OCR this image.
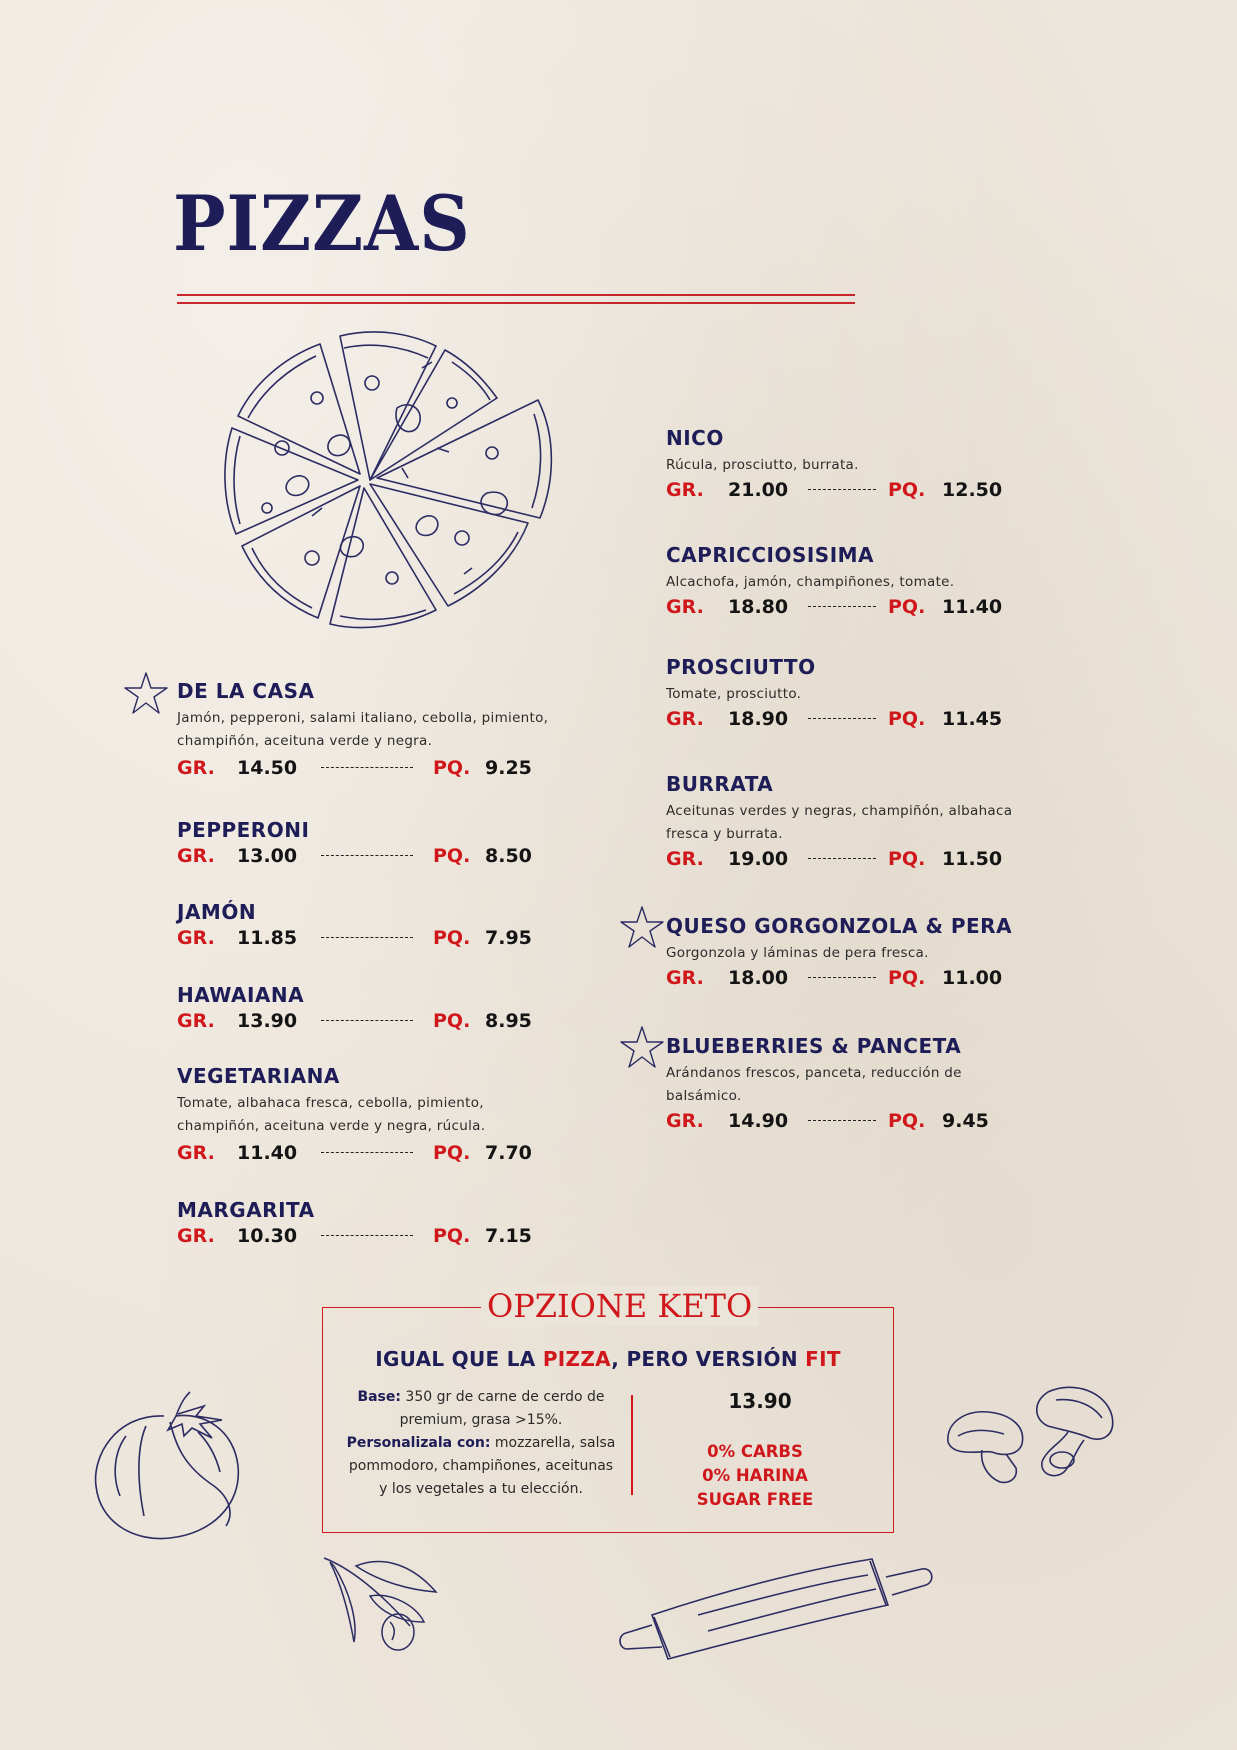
PIZZAS
DE LA CASA
Jamón, pepperoni, salami italiano, cebolla, pimiento, champiñón, aceituna verde y negra.
GR.	14.50	PQ. 9.25
PEPPERONI
GR.	13.00	PQ. 8.50
JAMÓN
GR.	11.85	PQ. 7.95
HAWAIANA
GR.	13.90	PQ. 8.95
VEGETARIANA
Tomate, albahaca fresca, cebolla, pimiento, champiñón, aceituna verde y negra, rúcula.
GR.	11.40	PQ. 7.70
MARGARITA
GR.	10.30	PQ. 7.15
NICO
Rúcula, prosciutto, burrata.
GR.	21.00	PQ. 12.50
CAPRICCIOSISIMA
Alcachofa, jamón, champiñones, tomate.
GR.	18.80	PQ. 11.40
PROSCIUTTO
Tomate, prosciutto.
GR.	18.90	PQ. 11.45
BURRATA
Aceitunas verdes y negras, champiñón, albahaca fresca y burrata.
GR.	19.00	PQ. 11.50
QUESO GORGONZOLA & PERA
Gorgonzola y láminas de pera fresca.
GR.	18.00	PQ. 11.00
BLUEBERRIES & PANCETA
Arándanos frescos, panceta, reducción de balsámico.
GR.	14.90	PQ. 9.45
OPZIONE KETO
IGUAL QUE LA PIZZA, PERO VERSIÓN FIT
Base: 350 gr de carne de cerdo de premium, grasa >15%.
Personalizala con: mozzarella, salsa pommodoro, champiñones, aceitunas y los vegetales a tu elección.
13.90
0% CARBS
0% HARINA
SUGAR FREE
